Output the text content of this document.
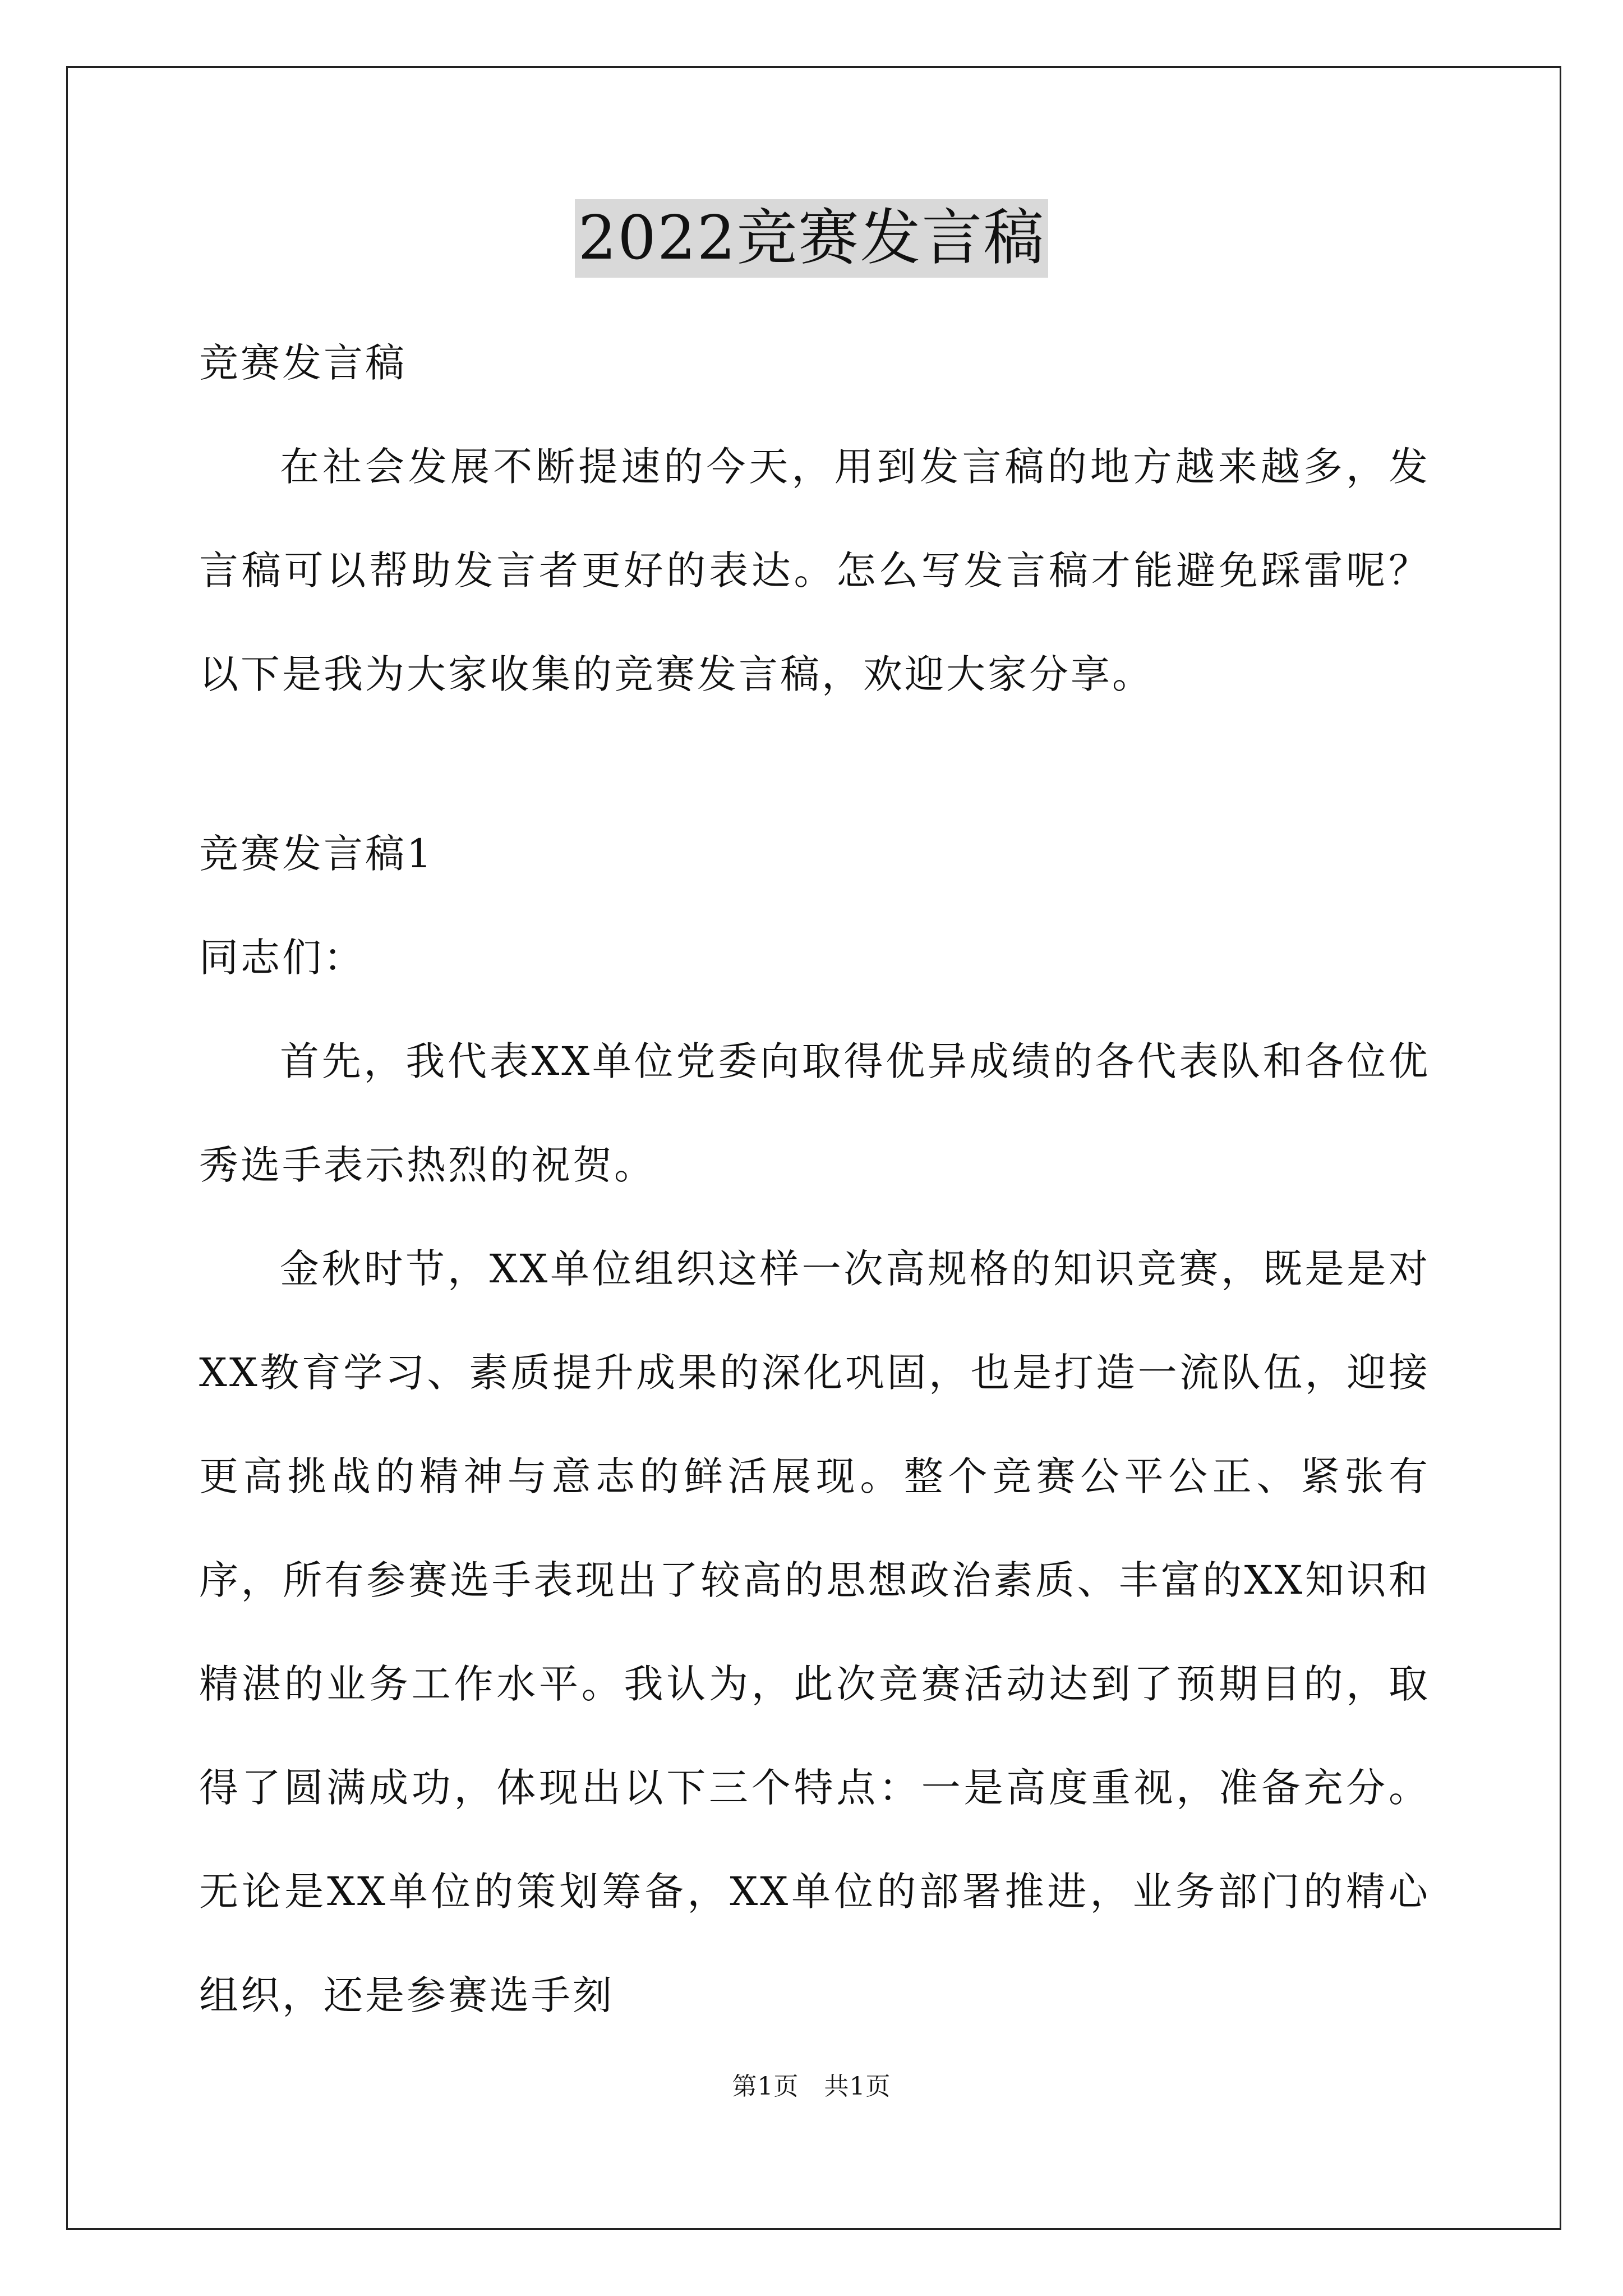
2022竞赛发言稿

竞赛发言稿

在社会发展不断提速的今天，用到发言稿的地方越来越多，发言稿可以帮助发言者更好的表达。怎么写发言稿才能避免踩雷呢？以下是我为大家收集的竞赛发言稿，欢迎大家分享。

竞赛发言稿1

同志们：

首先，我代表XX单位党委向取得优异成绩的各代表队和各位优秀选手表示热烈的祝贺。

金秋时节，XX单位组织这样一次高规格的知识竞赛，既是是对XX教育学习、素质提升成果的深化巩固，也是打造一流队伍，迎接更高挑战的精神与意志的鲜活展现。整个竞赛公平公正、紧张有序，所有参赛选手表现出了较高的思想政治素质、丰富的XX知识和精湛的业务工作水平。我认为，此次竞赛活动达到了预期目的，取得了圆满成功，体现出以下三个特点：一是高度重视，准备充分。无论是XX单位的策划筹备，XX单位的部署推进，业务部门的精心组织，还是参赛选手刻

第1页　共1页
